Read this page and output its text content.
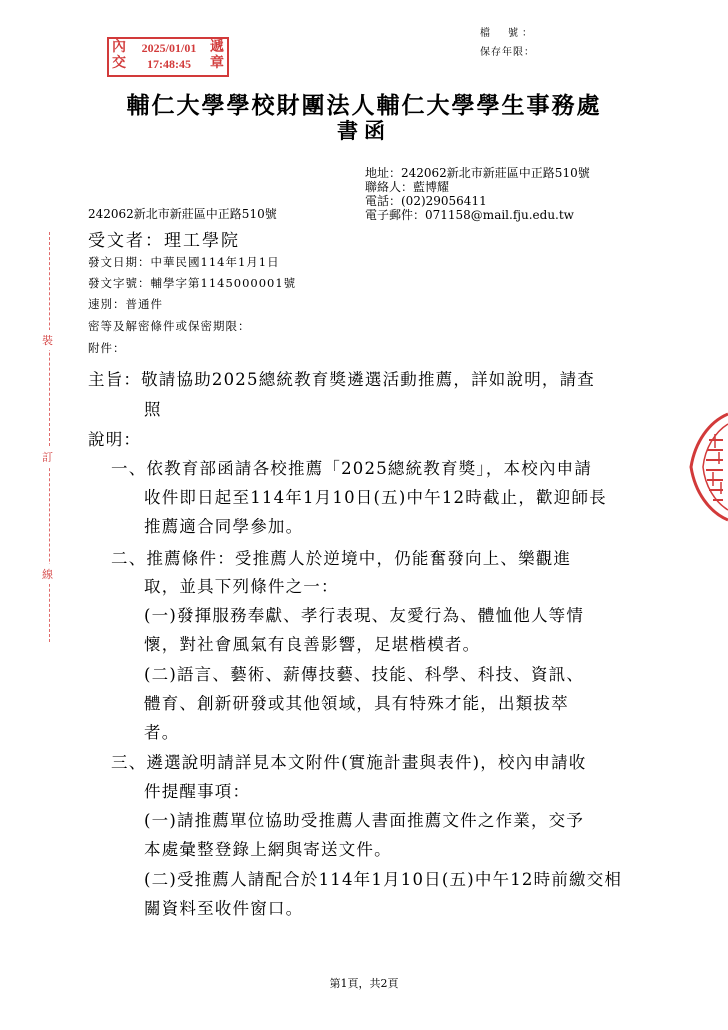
檔　號：
保存年限：
內
交
遞
章
2025/01/01
17:48:45
輔仁大學學校財團法人輔仁大學學生事務處
書函
地址：242062新北市新莊區中正路510號
聯絡人：藍博耀
電話：(02)29056411
電子郵件：071158@mail.fju.edu.tw
242062新北市新莊區中正路510號
受文者：理工學院
發文日期：中華民國114年1月1日
發文字號：輔學字第1145000001號
速別：普通件
密等及解密條件或保密期限：
附件：
主旨：敬請協助2025總統教育獎遴選活動推薦，詳如說明，請查
照
說明：
一、依教育部函請各校推薦「2025總統教育獎」，本校內申請
收件即日起至114年1月10日(五)中午12時截止，歡迎師長
推薦適合同學參加。
二、推薦條件：受推薦人於逆境中，仍能奮發向上、樂觀進
取，並具下列條件之一：
(一)發揮服務奉獻、孝行表現、友愛行為、體恤他人等情
懷，對社會風氣有良善影響，足堪楷模者。
(二)語言、藝術、薪傳技藝、技能、科學、科技、資訊、
體育、創新研發或其他領域，具有特殊才能，出類拔萃
者。
三、遴選說明請詳見本文附件(實施計畫與表件)，校內申請收
件提醒事項：
(一)請推薦單位協助受推薦人書面推薦文件之作業，交予
本處彙整登錄上網與寄送文件。
(二)受推薦人請配合於114年1月10日(五)中午12時前繳交相
關資料至收件窗口。
裝
訂
線
第1頁，共2頁
